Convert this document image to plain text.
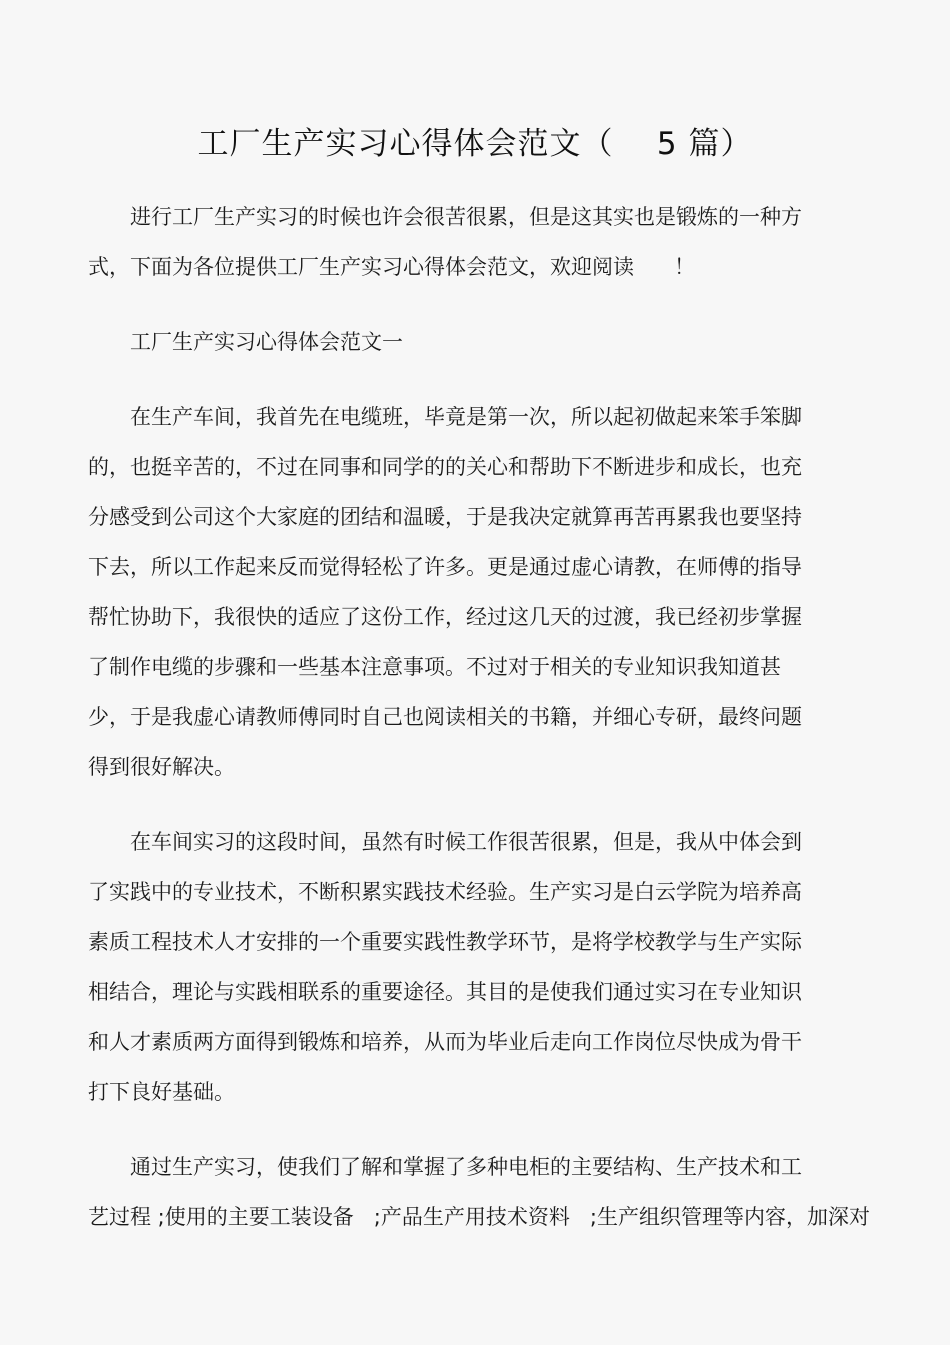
工厂生产实习心得体会范文（    5 篇）
进行工厂生产实习的时候也许会很苦很累，但是这其实也是锻炼的一种方
式，下面为各位提供工厂生产实习心得体会范文，欢迎阅读      ！
工厂生产实习心得体会范文一
在生产车间，我首先在电缆班，毕竟是第一次，所以起初做起来笨手笨脚
的，也挺辛苦的，不过在同事和同学的的关心和帮助下不断进步和成长，也充
分感受到公司这个大家庭的团结和温暖，于是我决定就算再苦再累我也要坚持
下去，所以工作起来反而觉得轻松了许多。更是通过虚心请教，在师傅的指导
帮忙协助下，我很快的适应了这份工作，经过这几天的过渡，我已经初步掌握
了制作电缆的步骤和一些基本注意事项。不过对于相关的专业知识我知道甚
少，于是我虚心请教师傅同时自己也阅读相关的书籍，并细心专研，最终问题
得到很好解决。
在车间实习的这段时间，虽然有时候工作很苦很累，但是，我从中体会到
了实践中的专业技术，不断积累实践技术经验。生产实习是白云学院为培养高
素质工程技术人才安排的一个重要实践性教学环节，是将学校教学与生产实际
相结合，理论与实践相联系的重要途径。其目的是使我们通过实习在专业知识
和人才素质两方面得到锻炼和培养，从而为毕业后走向工作岗位尽快成为骨干
打下良好基础。
通过生产实习，使我们了解和掌握了多种电柜的主要结构、生产技术和工
艺过程 ;使用的主要工装设备   ;产品生产用技术资料   ;生产组织管理等内容，加深对
